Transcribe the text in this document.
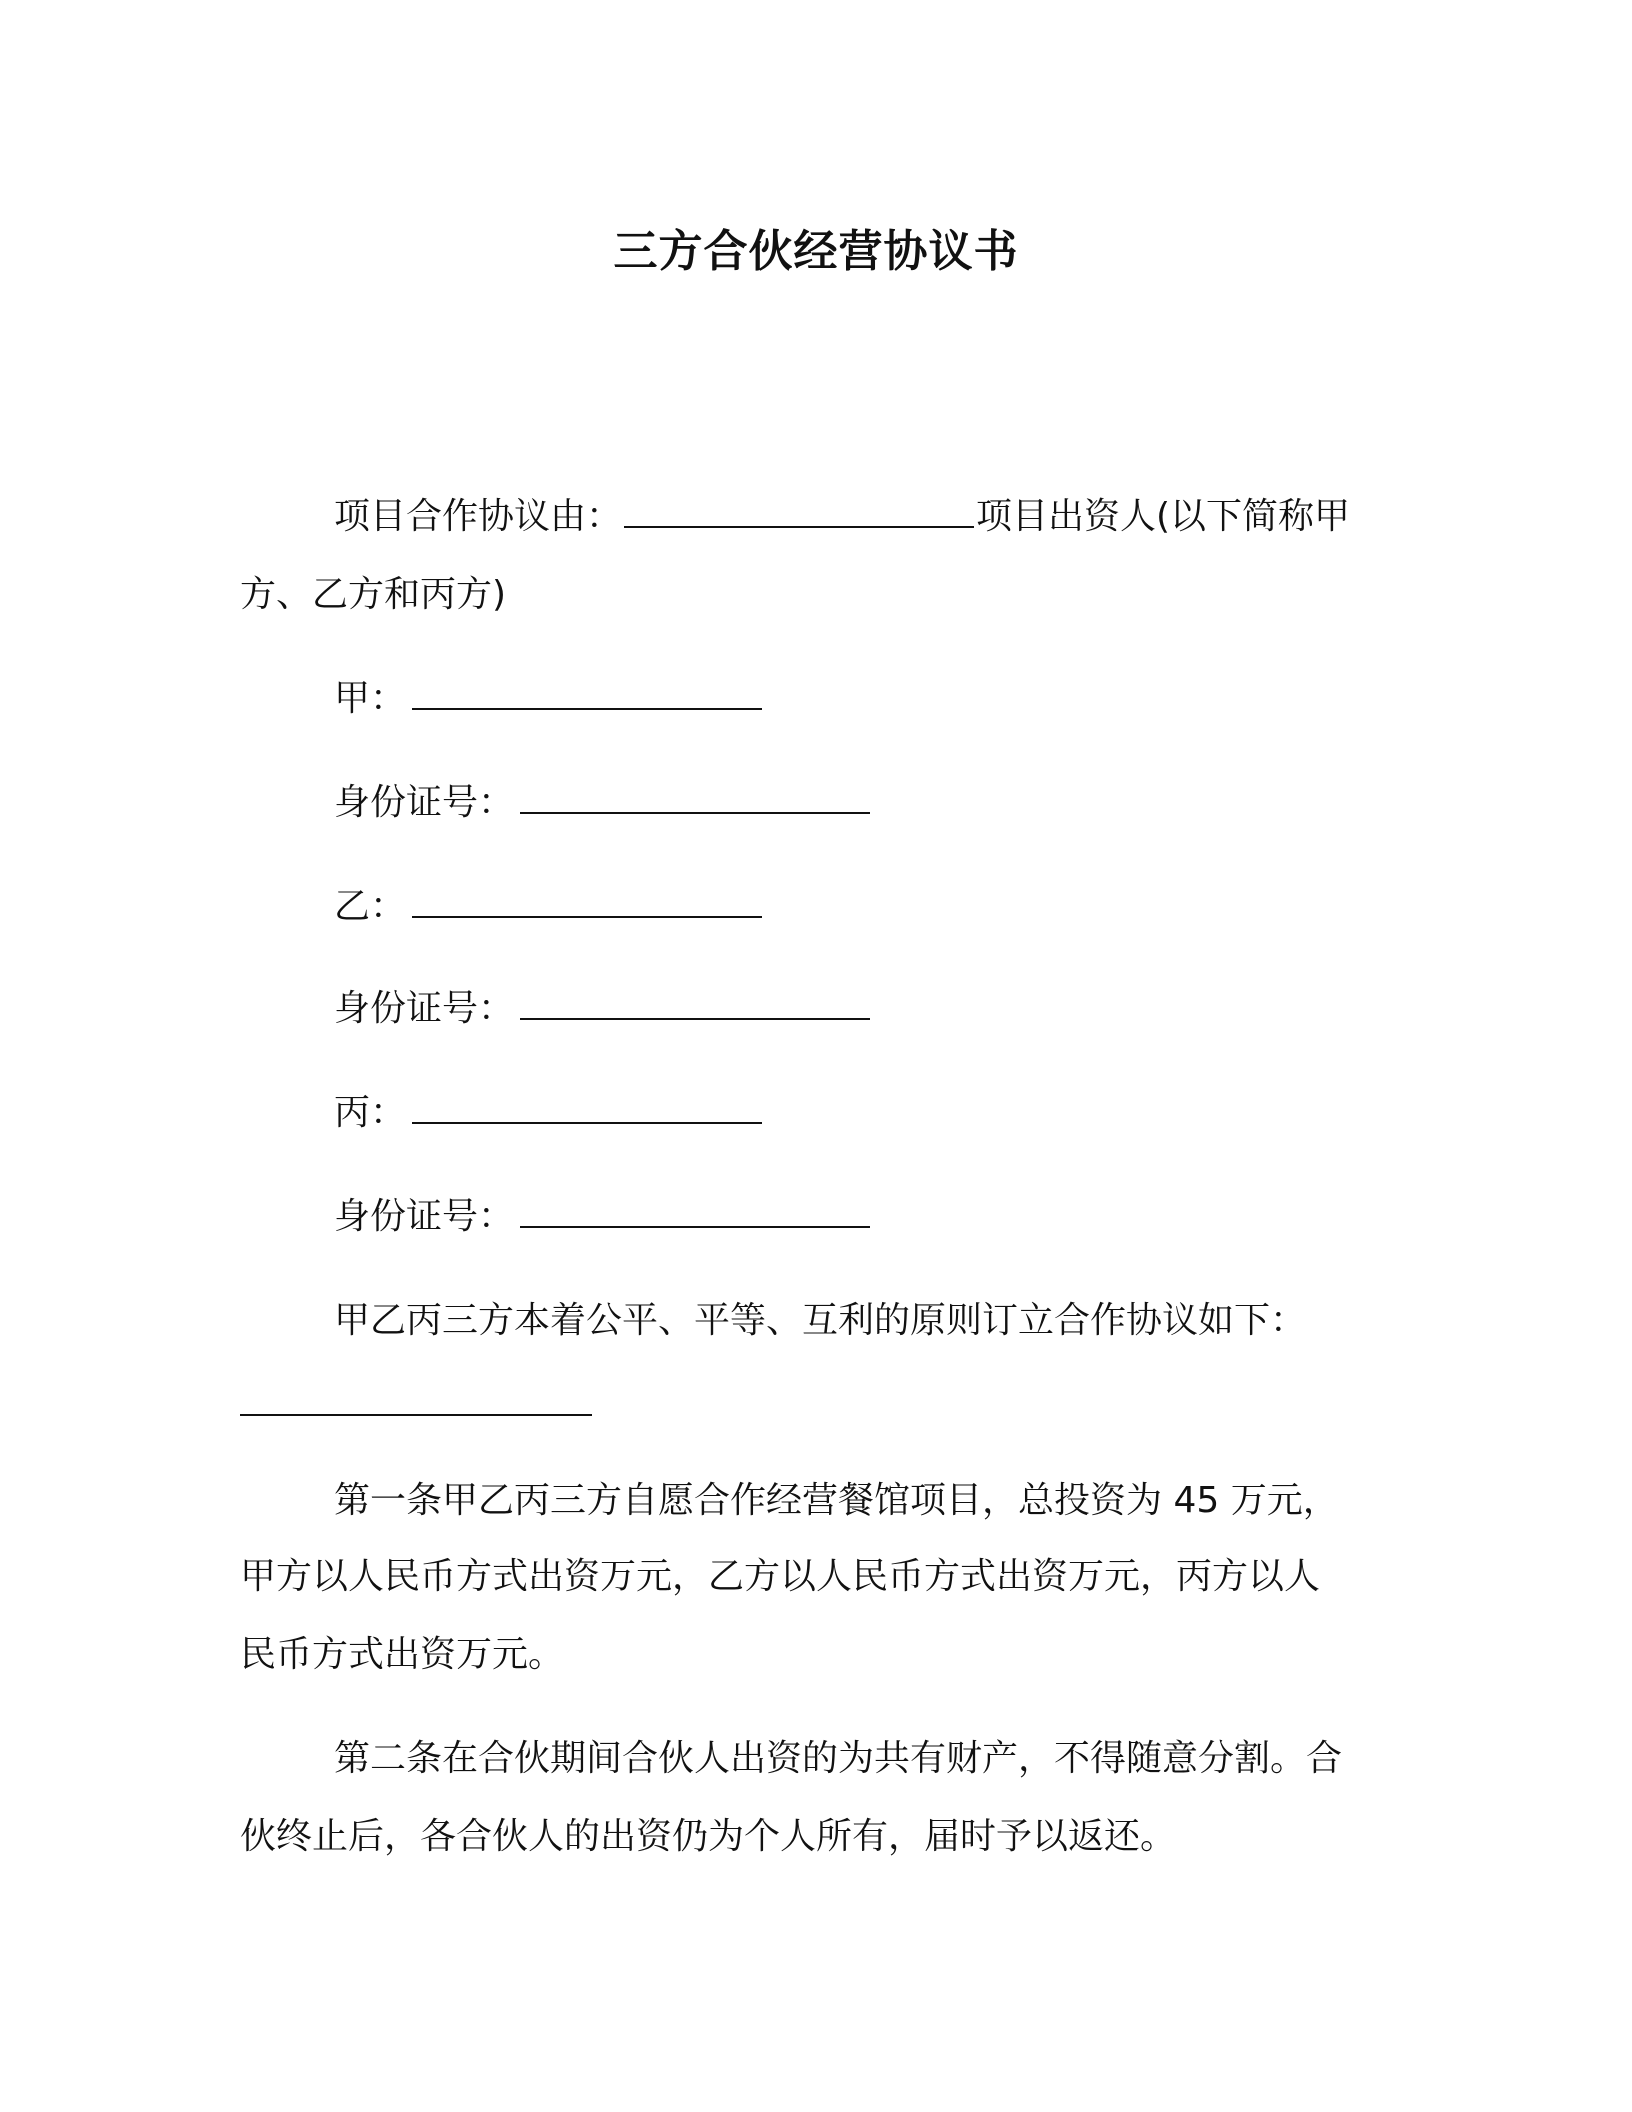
三方合伙经营协议书
项目合作协议由：	项目出资人(以下简称甲
方、乙方和丙方)
甲：
身份证号：
乙：
身份证号：
丙：
身份证号：
甲乙丙三方本着公平、平等、互利的原则订立合作协议如下：
第一条甲乙丙三方自愿合作经营餐馆项目，总投资为 45 万元，
甲方以人民币方式出资万元，乙方以人民币方式出资万元，丙方以人
民币方式出资万元。
第二条在合伙期间合伙人出资的为共有财产，不得随意分割。合
伙终止后，各合伙人的出资仍为个人所有，届时予以返还。
